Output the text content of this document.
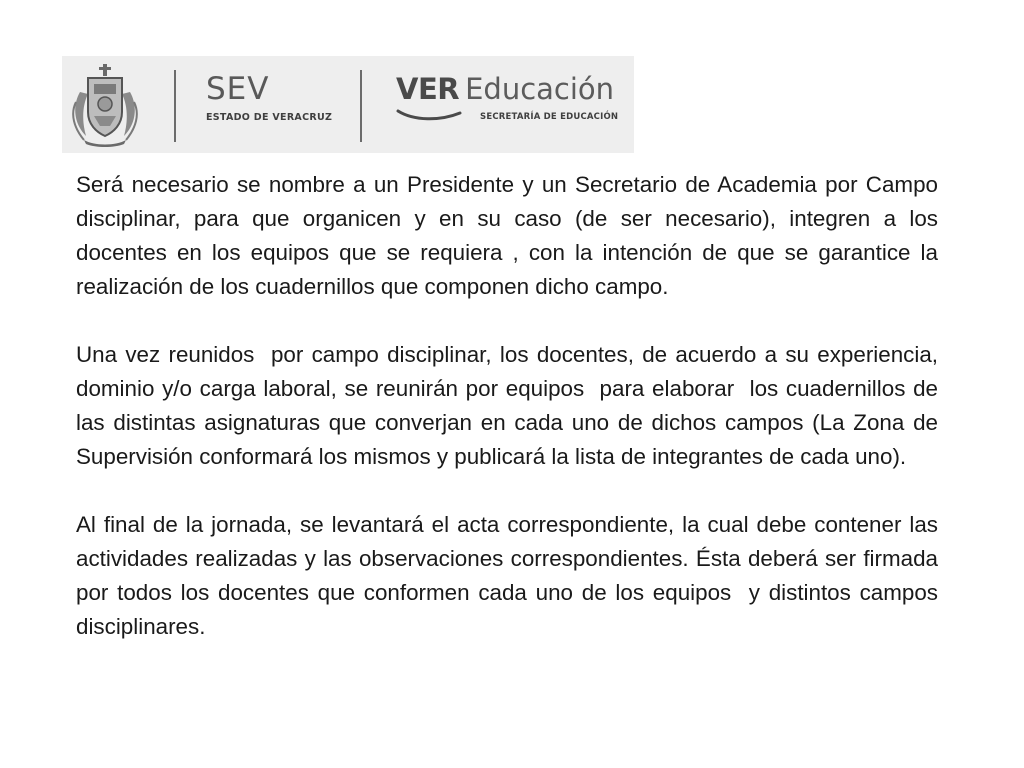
SEV
ESTADO DE VERACRUZ
VER Educación
SECRETARÍA DE EDUCACIÓN

Será necesario se nombre a un Presidente y un Secretario de Academia por Campo disciplinar, para que organicen y en su caso (de ser necesario), integren a los docentes en los equipos que se requiera , con la intención de que se garantice la realización de los cuadernillos que componen dicho campo.

Una vez reunidos  por campo disciplinar, los docentes, de acuerdo a su experiencia, dominio y/o carga laboral, se reunirán por equipos  para elaborar  los cuadernillos de las distintas asignaturas que converjan en cada uno de dichos campos (La Zona de Supervisión conformará los mismos y publicará la lista de integrantes de cada uno).

Al final de la jornada, se levantará el acta correspondiente, la cual debe contener las actividades realizadas y las observaciones correspondientes. Ésta deberá ser firmada por todos los docentes que conformen cada uno de los equipos  y distintos campos disciplinares.
